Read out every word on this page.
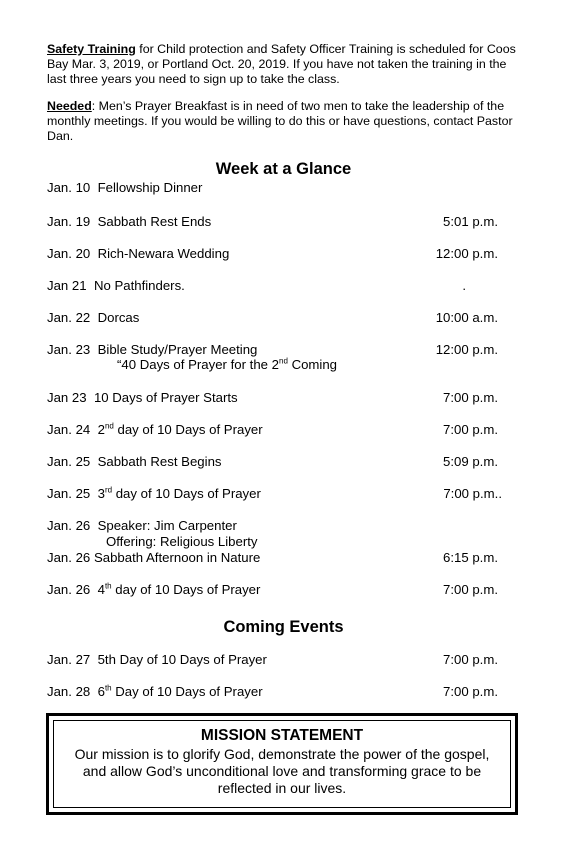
Safety Training for Child protection and Safety Officer Training is scheduled for Coos Bay Mar. 3, 2019, or Portland Oct. 20, 2019. If you have not taken the training in the last three years you need to sign up to take the class.
Needed: Men’s Prayer Breakfast is in need of two men to take the leadership of the monthly meetings. If you would be willing to do this or have questions, contact Pastor Dan.
Week at a Glance
Jan. 10 Fellowship Dinner
Jan. 19 Sabbath Rest Ends	5:01 p.m.
Jan. 20 Rich-Newara Wedding	12:00 p.m.
Jan 21 No Pathfinders.	.
Jan. 22 Dorcas	10:00 a.m.
Jan. 23 Bible Study/Prayer Meeting	12:00 p.m.
“40 Days of Prayer for the 2nd Coming
Jan 23 10 Days of Prayer Starts	7:00 p.m.
Jan. 24 2nd day of 10 Days of Prayer	7:00 p.m.
Jan. 25  Sabbath Rest Begins	5:09 p.m.
Jan. 25 3rd day of 10 Days of Prayer	7:00 p.m..
Jan. 26 Speaker: Jim Carpenter
Offering: Religious Liberty
Jan. 26 Sabbath Afternoon in Nature	6:15 p.m.
Jan. 26 4th day of 10 Days of Prayer	7:00 p.m.
Coming Events
Jan. 27 5th Day of 10 Days of Prayer	7:00 p.m.
Jan. 28 6th Day of 10 Days of Prayer	7:00 p.m.
MISSION STATEMENT
Our mission is to glorify God, demonstrate the power of the gospel, and allow God’s unconditional love and transforming grace to be reflected in our lives.
